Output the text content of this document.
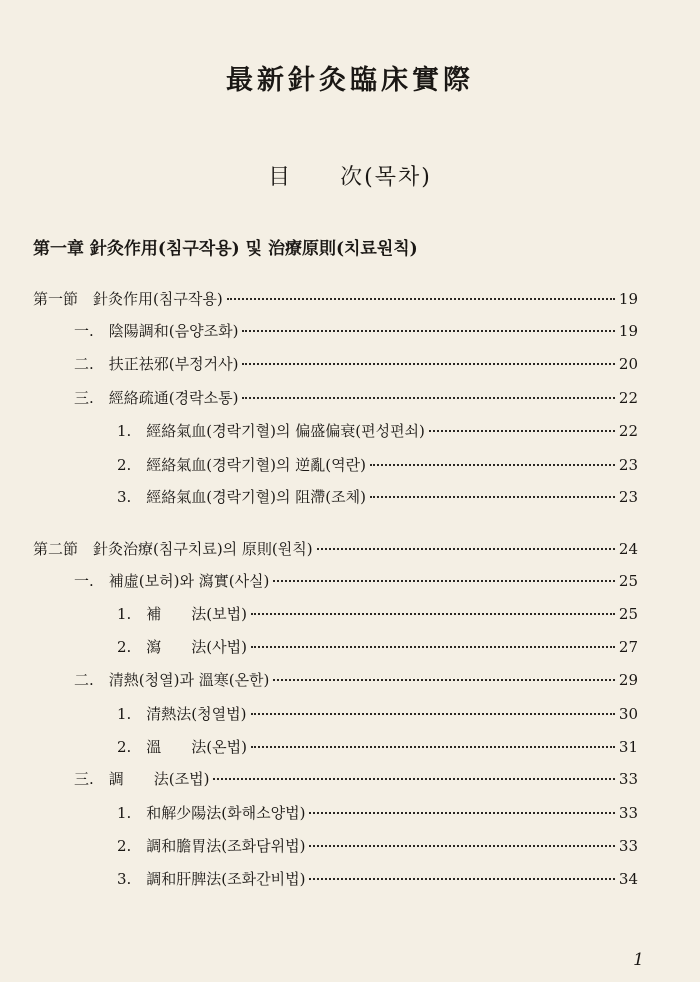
最新針灸臨床實際
目　　次(목차)
第一章 針灸作用(침구작용) 및 治療原則(치료원칙)
第一節　針灸作用(침구작용)	19
一.　陰陽調和(음양조화)	19
二.　扶正祛邪(부정거사)	20
三.　經絡疏通(경락소통)	22
1.　經絡氣血(경락기혈)의 偏盛偏衰(편성편쇠)	22
2.　經絡氣血(경락기혈)의 逆亂(역란)	23
3.　經絡氣血(경락기혈)의 阻滯(조체)	23
第二節　針灸治療(침구치료)의 原則(원칙)	24
一.　補虛(보허)와 瀉實(사실)	25
1.　補　　法(보법)	25
2.　瀉　　法(사법)	27
二.　清熱(청열)과 溫寒(온한)	29
1.　清熱法(청열법)	30
2.　溫　　法(온법)	31
三.　調　　法(조법)	33
1.　和解少陽法(화해소양법)	33
2.　調和膽胃法(조화담위법)	33
3.　調和肝脾法(조화간비법)	34
1
